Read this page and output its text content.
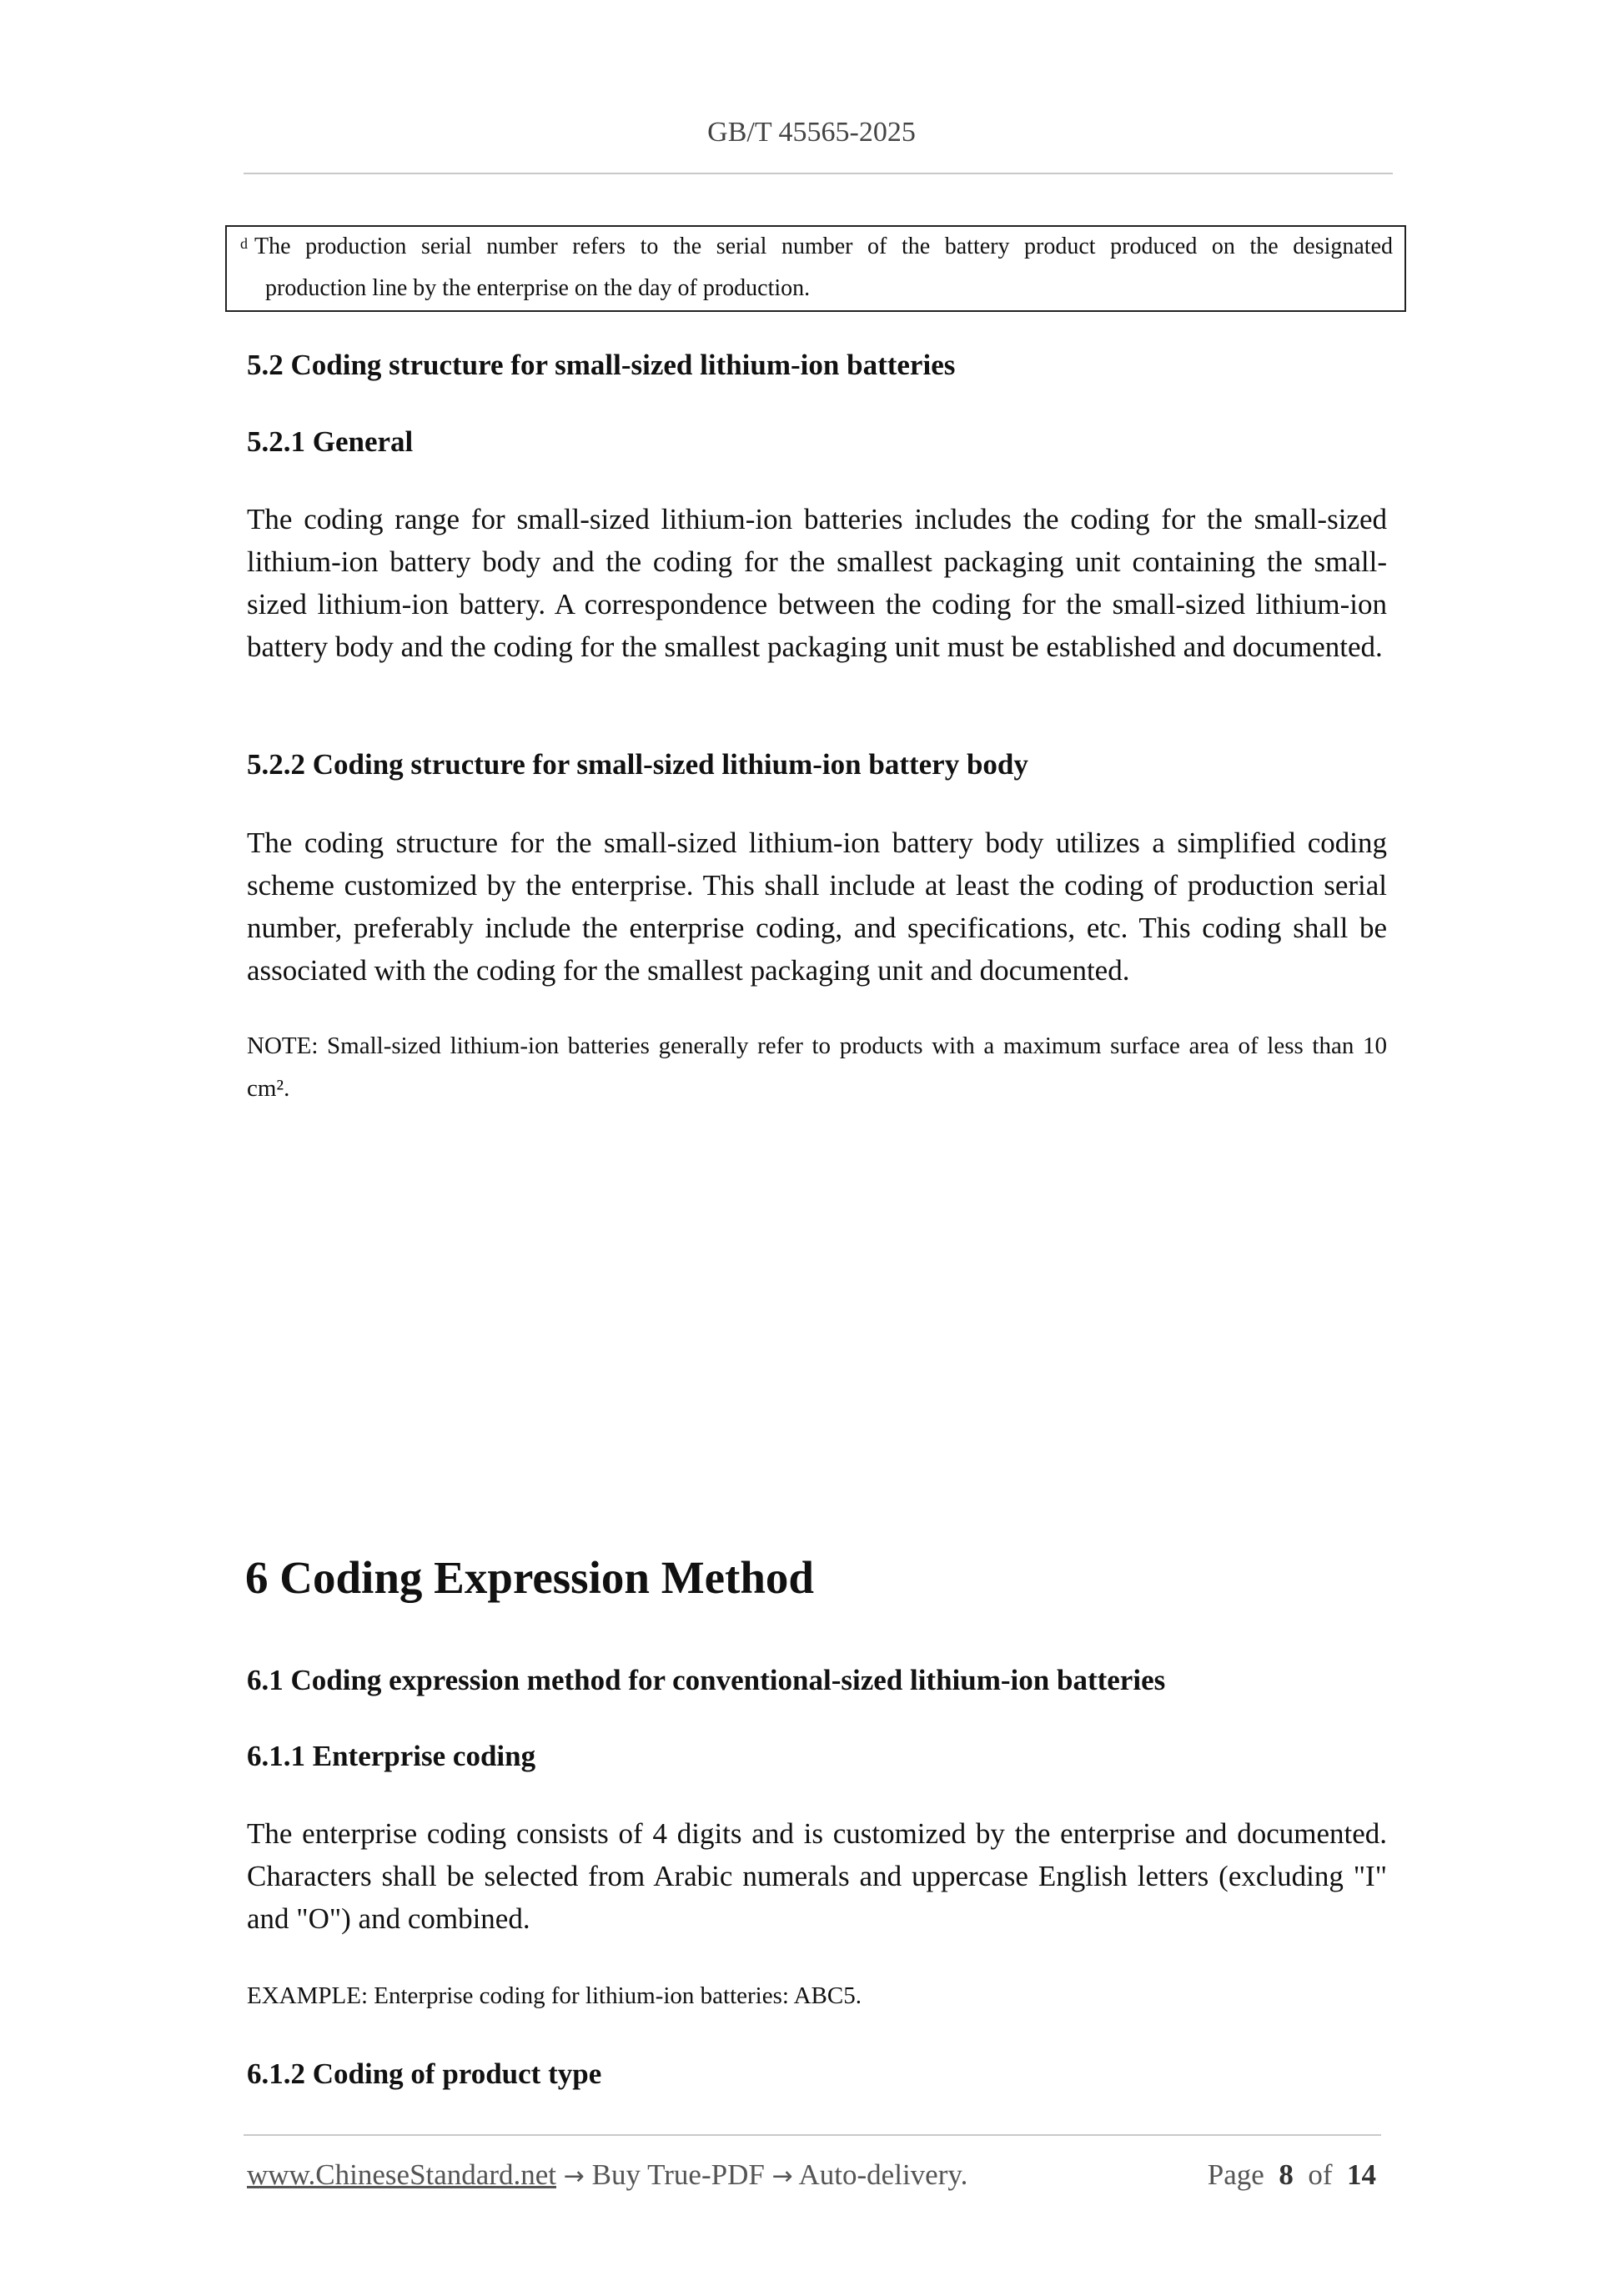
GB/T 45565-2025
$^d$ The production serial number refers to the serial number of the battery product produced on the designated
production line by the enterprise on the day of production.
5.2 Coding structure for small-sized lithium-ion batteries
5.2.1 General

The coding range for small-sized lithium-ion batteries includes the coding for the small-sized lithium-ion battery body and the coding for the smallest packaging unit containing the small-sized lithium-ion battery. A correspondence between the coding for the small-sized lithium-ion battery body and the coding for the smallest packaging unit must be established and documented.

5.2.2 Coding structure for small-sized lithium-ion battery body

The coding structure for the small-sized lithium-ion battery body utilizes a simplified coding scheme customized by the enterprise. This shall include at least the coding of production serial number, preferably include the enterprise coding, and specifications, etc. This coding shall be associated with the coding for the smallest packaging unit and documented.

NOTE: Small-sized lithium-ion batteries generally refer to products with a maximum surface area of less than 10 cm².

6 Coding Expression Method
6.1 Coding expression method for conventional-sized lithium-ion batteries
6.1.1 Enterprise coding

The enterprise coding consists of 4 digits and is customized by the enterprise and documented. Characters shall be selected from Arabic numerals and uppercase English letters (excluding "I" and "O") and combined.

EXAMPLE: Enterprise coding for lithium-ion batteries: ABC5.

6.1.2 Coding of product type
www.ChineseStandard.net → Buy True-PDF → Auto-delivery.	Page 8 of 14
